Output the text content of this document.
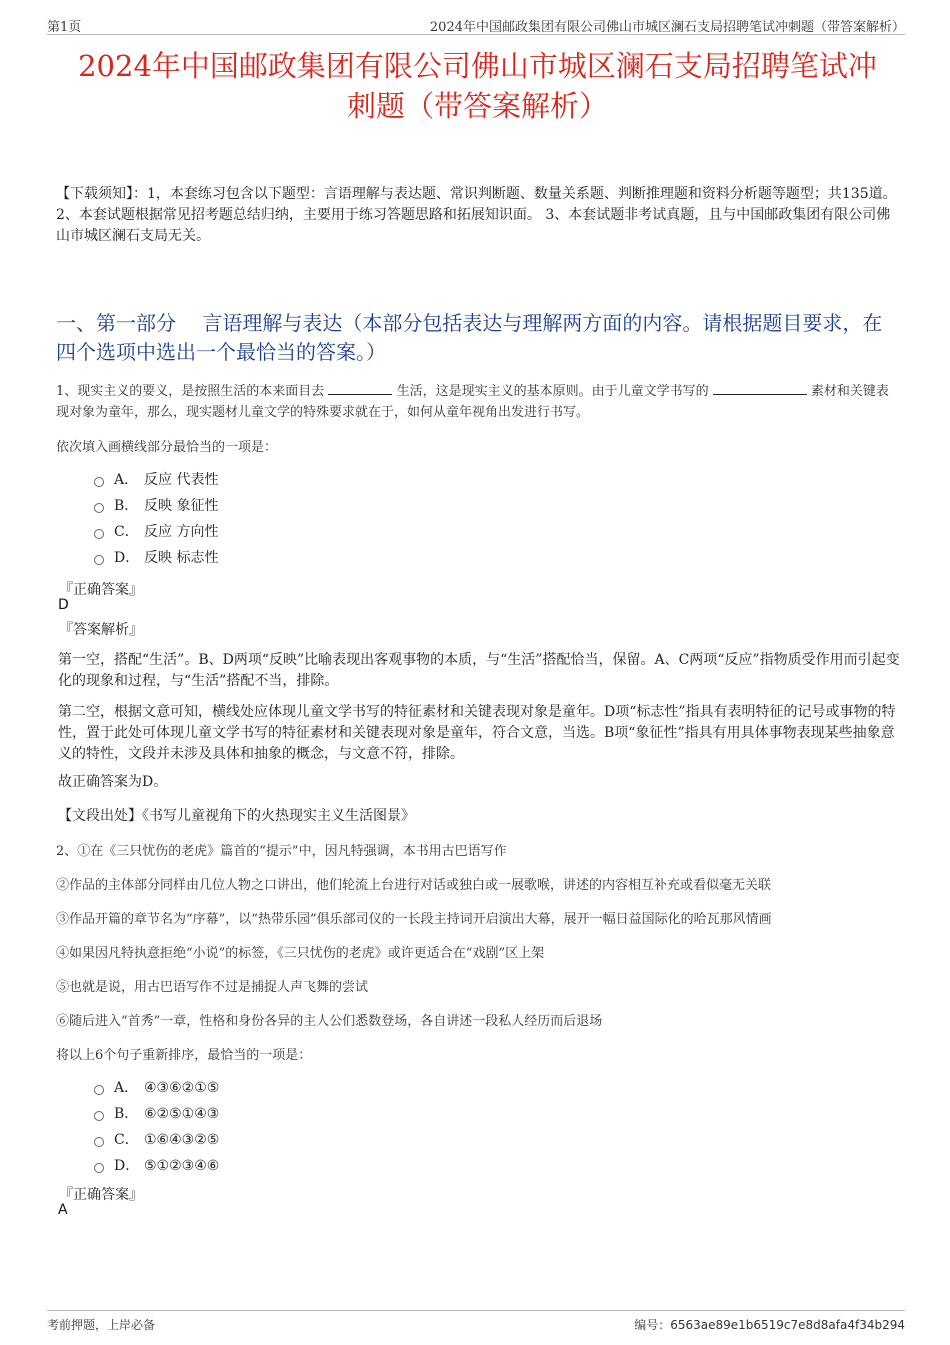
第1页	2024年中国邮政集团有限公司佛山市城区澜石支局招聘笔试冲刺题（带答案解析）
2024年中国邮政集团有限公司佛山市城区澜石支局招聘笔试冲
刺题（带答案解析）
【下载须知】：1，本套练习包含以下题型：言语理解与表达题、常识判断题、数量关系题、判断推理题和资料分析题等题型；共135道。 2、本套试题根据常见招考题总结归纳，主要用于练习答题思路和拓展知识面。 3、本套试题非考试真题，且与中国邮政集团有限公司佛山市城区澜石支局无关。
一、第一部分　 言语理解与表达（本部分包括表达与理解两方面的内容。请根据题目要求，在四个选项中选出一个最恰当的答案。）
1、现实主义的要义，是按照生活的本来面目去	生活，这是现实主义的基本原则。由于儿童文学书写的	素材和关键表现对象为童年，那么，现实题材儿童文学的特殊要求就在于，如何从童年视角出发进行书写。
依次填入画横线部分最恰当的一项是：
A． 反应 代表性
B． 反映 象征性
C． 反应 方向性
D． 反映 标志性
『正确答案』
D
『答案解析』
第一空，搭配“生活”。B、D两项“反映”比喻表现出客观事物的本质，与“生活”搭配恰当，保留。A、C两项“反应”指物质受作用而引起变化的现象和过程，与“生活”搭配不当，排除。
第二空，根据文意可知，横线处应体现儿童文学书写的特征素材和关键表现对象是童年。D项“标志性”指具有表明特征的记号或事物的特性，置于此处可体现儿童文学书写的特征素材和关键表现对象是童年，符合文意，当选。B项“象征性”指具有用具体事物表现某些抽象意义的特性，文段并未涉及具体和抽象的概念，与文意不符，排除。
故正确答案为D。
【文段出处】《书写儿童视角下的火热现实主义生活图景》
2、①在《三只忧伤的老虎》篇首的“提示”中，因凡特强调，本书用古巴语写作
②作品的主体部分同样由几位人物之口讲出，他们轮流上台进行对话或独白或一展歌喉，讲述的内容相互补充或看似毫无关联
③作品开篇的章节名为“序幕”，以“热带乐园”俱乐部司仪的一长段主持词开启演出大幕，展开一幅日益国际化的哈瓦那风情画
④如果因凡特执意拒绝“小说”的标签，《三只忧伤的老虎》或许更适合在“戏剧”区上架
⑤也就是说，用古巴语写作不过是捕捉人声飞舞的尝试
⑥随后进入“首秀”一章，性格和身份各异的主人公们悉数登场，各自讲述一段私人经历而后退场
将以上6个句子重新排序，最恰当的一项是：
A． ④③⑥②①⑤
B． ⑥②⑤①④③
C． ①⑥④③②⑤
D． ⑤①②③④⑥
『正确答案』
A
考前押题，上岸必备	编号：6563ae89e1b6519c7e8d8afa4f34b294
